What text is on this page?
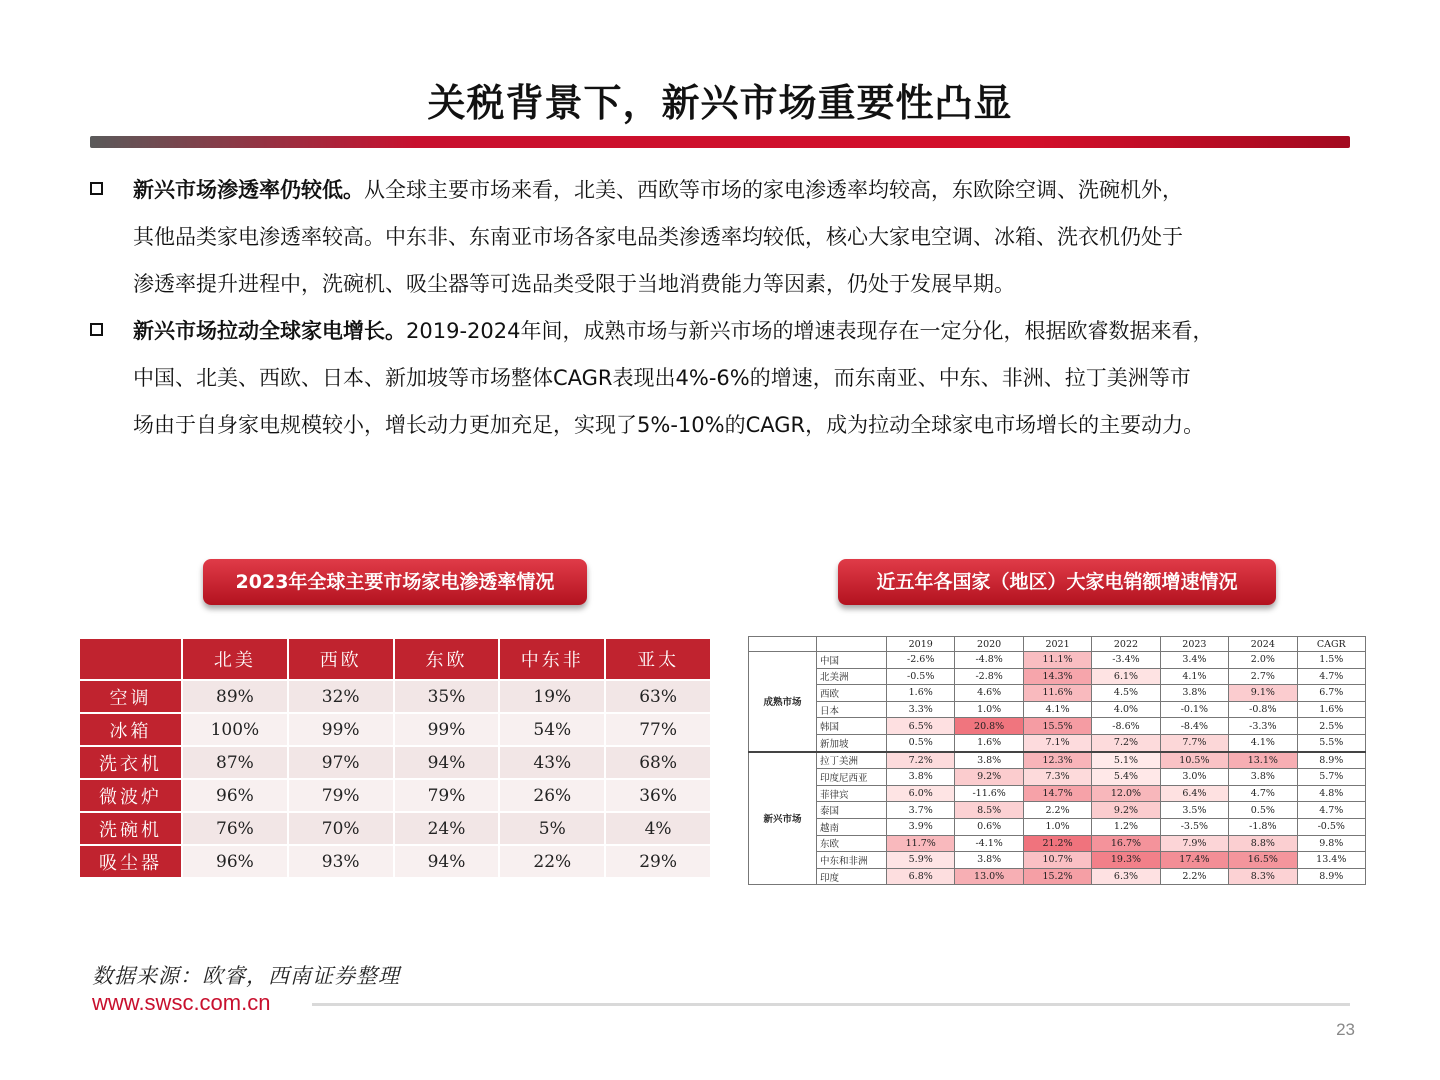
关税背景下，新兴市场重要性凸显
新兴市场渗透率仍较低。从全球主要市场来看，北美、西欧等市场的家电渗透率均较高，东欧除空调、洗碗机外，
其他品类家电渗透率较高。中东非、东南亚市场各家电品类渗透率均较低，核心大家电空调、冰箱、洗衣机仍处于
渗透率提升进程中，洗碗机、吸尘器等可选品类受限于当地消费能力等因素，仍处于发展早期。
新兴市场拉动全球家电增长。2019-2024年间，成熟市场与新兴市场的增速表现存在一定分化，根据欧睿数据来看，
中国、北美、西欧、日本、新加坡等市场整体CAGR表现出4%-6%的增速，而东南亚、中东、非洲、拉丁美洲等市
场由于自身家电规模较小，增长动力更加充足，实现了5%-10%的CAGR，成为拉动全球家电市场增长的主要动力。
2023年全球主要市场家电渗透率情况	近五年各国家（地区）大家电销额增速情况
	北美	西欧	东欧	中东非	亚太
空调	89%	32%	35%	19%	63%
冰箱	100%	99%	99%	54%	77%
洗衣机	87%	97%	94%	43%	68%
微波炉	96%	79%	79%	26%	36%
洗碗机	76%	70%	24%	5%	4%
吸尘器	96%	93%	94%	22%	29%
		2019	2020	2021	2022	2023	2024	CAGR
成熟市场	中国	-2.6%	-4.8%	11.1%	-3.4%	3.4%	2.0%	1.5%
	北美洲	-0.5%	-2.8%	14.3%	6.1%	4.1%	2.7%	4.7%
	西欧	1.6%	4.6%	11.6%	4.5%	3.8%	9.1%	6.7%
	日本	3.3%	1.0%	4.1%	4.0%	-0.1%	-0.8%	1.6%
	韩国	6.5%	20.8%	15.5%	-8.6%	-8.4%	-3.3%	2.5%
	新加坡	0.5%	1.6%	7.1%	7.2%	7.7%	4.1%	5.5%
新兴市场	拉丁美洲	7.2%	3.8%	12.3%	5.1%	10.5%	13.1%	8.9%
	印度尼西亚	3.8%	9.2%	7.3%	5.4%	3.0%	3.8%	5.7%
	菲律宾	6.0%	-11.6%	14.7%	12.0%	6.4%	4.7%	4.8%
	泰国	3.7%	8.5%	2.2%	9.2%	3.5%	0.5%	4.7%
	越南	3.9%	0.6%	1.0%	1.2%	-3.5%	-1.8%	-0.5%
	东欧	11.7%	-4.1%	21.2%	16.7%	7.9%	8.8%	9.8%
	中东和非洲	5.9%	3.8%	10.7%	19.3%	17.4%	16.5%	13.4%
	印度	6.8%	13.0%	15.2%	6.3%	2.2%	8.3%	8.9%
数据来源：欧睿，西南证券整理
www.swsc.com.cn
23
